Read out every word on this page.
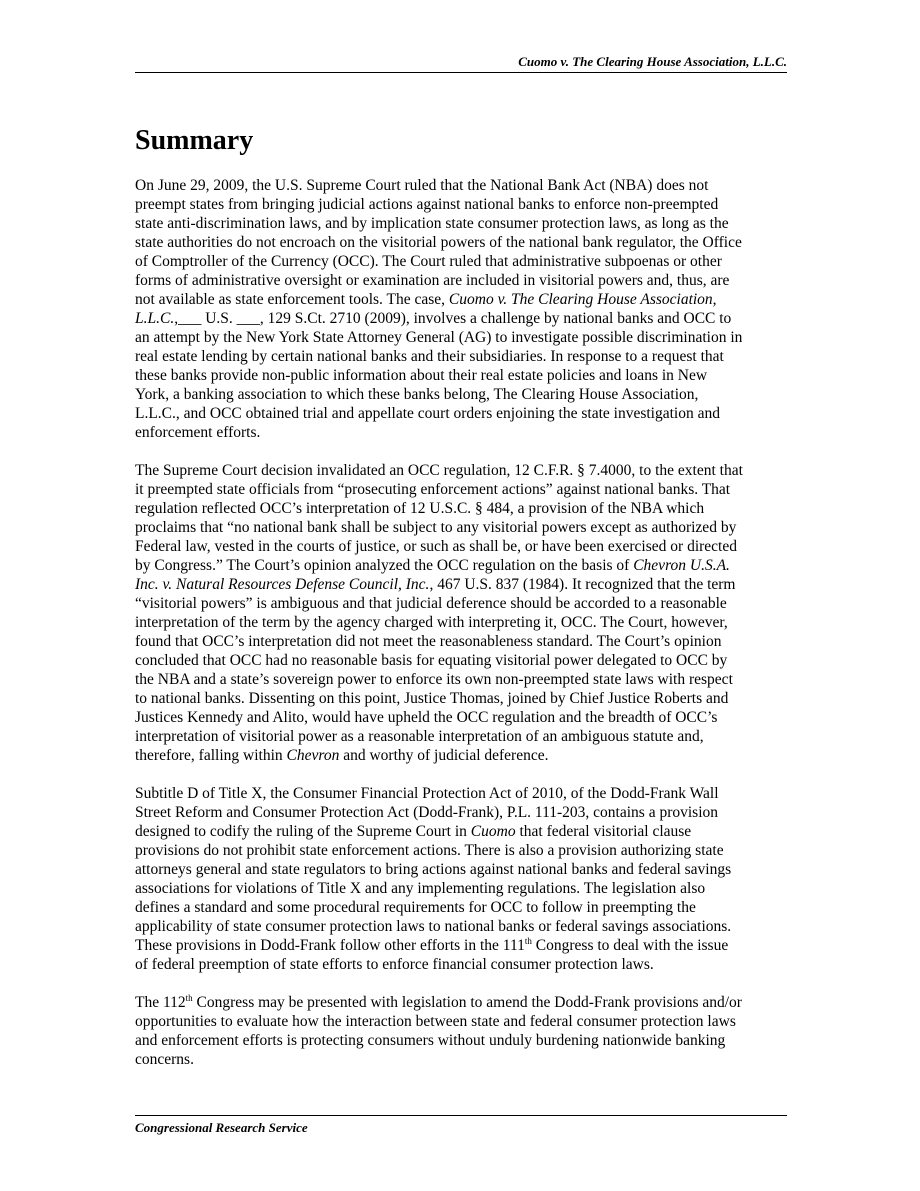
Cuomo v. The Clearing House Association, L.L.C.
Summary

On June 29, 2009, the U.S. Supreme Court ruled that the National Bank Act (NBA) does not
preempt states from bringing judicial actions against national banks to enforce non-preempted
state anti-discrimination laws, and by implication state consumer protection laws, as long as the
state authorities do not encroach on the visitorial powers of the national bank regulator, the Office
of Comptroller of the Currency (OCC). The Court ruled that administrative subpoenas or other
forms of administrative oversight or examination are included in visitorial powers and, thus, are
not available as state enforcement tools. The case, Cuomo v. The Clearing House Association,
L.L.C.,___ U.S. ___, 129 S.Ct. 2710 (2009), involves a challenge by national banks and OCC to
an attempt by the New York State Attorney General (AG) to investigate possible discrimination in
real estate lending by certain national banks and their subsidiaries. In response to a request that
these banks provide non-public information about their real estate policies and loans in New
York, a banking association to which these banks belong, The Clearing House Association,
L.L.C., and OCC obtained trial and appellate court orders enjoining the state investigation and
enforcement efforts.

The Supreme Court decision invalidated an OCC regulation, 12 C.F.R. § 7.4000, to the extent that
it preempted state officials from “prosecuting enforcement actions” against national banks. That
regulation reflected OCC’s interpretation of 12 U.S.C. § 484, a provision of the NBA which
proclaims that “no national bank shall be subject to any visitorial powers except as authorized by
Federal law, vested in the courts of justice, or such as shall be, or have been exercised or directed
by Congress.” The Court’s opinion analyzed the OCC regulation on the basis of Chevron U.S.A.
Inc. v. Natural Resources Defense Council, Inc., 467 U.S. 837 (1984). It recognized that the term
“visitorial powers” is ambiguous and that judicial deference should be accorded to a reasonable
interpretation of the term by the agency charged with interpreting it, OCC. The Court, however,
found that OCC’s interpretation did not meet the reasonableness standard. The Court’s opinion
concluded that OCC had no reasonable basis for equating visitorial power delegated to OCC by
the NBA and a state’s sovereign power to enforce its own non-preempted state laws with respect
to national banks. Dissenting on this point, Justice Thomas, joined by Chief Justice Roberts and
Justices Kennedy and Alito, would have upheld the OCC regulation and the breadth of OCC’s
interpretation of visitorial power as a reasonable interpretation of an ambiguous statute and,
therefore, falling within Chevron and worthy of judicial deference.

Subtitle D of Title X, the Consumer Financial Protection Act of 2010, of the Dodd-Frank Wall
Street Reform and Consumer Protection Act (Dodd-Frank), P.L. 111-203, contains a provision
designed to codify the ruling of the Supreme Court in Cuomo that federal visitorial clause
provisions do not prohibit state enforcement actions. There is also a provision authorizing state
attorneys general and state regulators to bring actions against national banks and federal savings
associations for violations of Title X and any implementing regulations. The legislation also
defines a standard and some procedural requirements for OCC to follow in preempting the
applicability of state consumer protection laws to national banks or federal savings associations.
These provisions in Dodd-Frank follow other efforts in the 111th Congress to deal with the issue
of federal preemption of state efforts to enforce financial consumer protection laws.

The 112th Congress may be presented with legislation to amend the Dodd-Frank provisions and/or
opportunities to evaluate how the interaction between state and federal consumer protection laws
and enforcement efforts is protecting consumers without unduly burdening nationwide banking
concerns.

Congressional Research Service
